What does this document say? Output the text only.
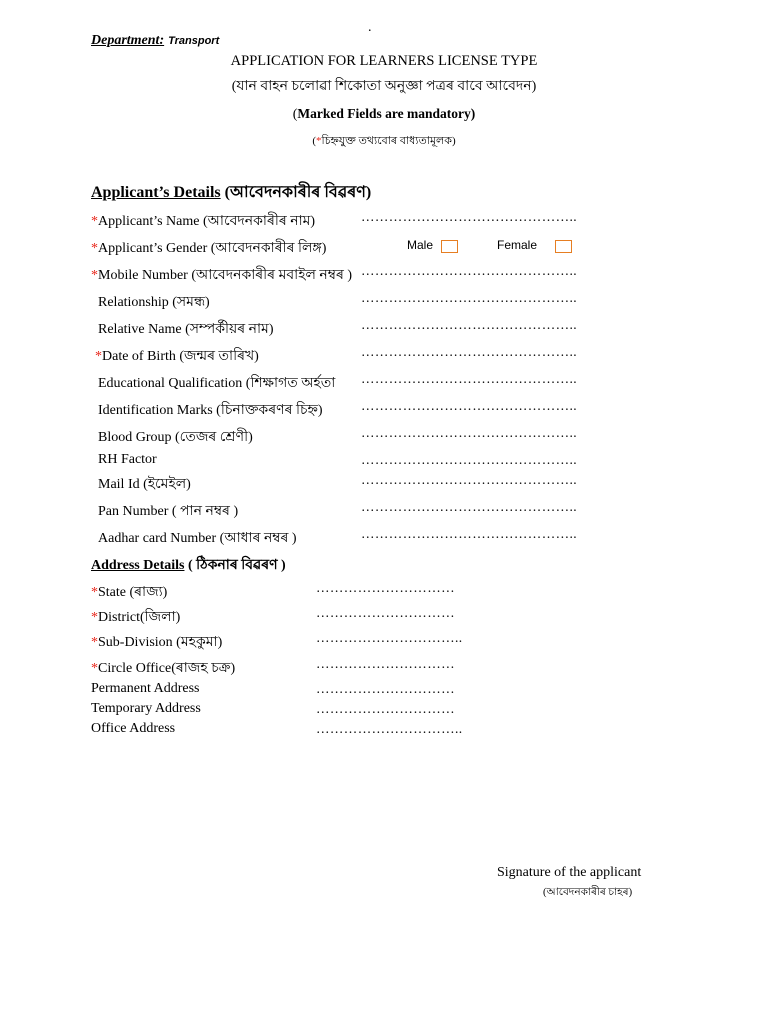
.
Department: Transport
APPLICATION FOR LEARNERS LICENSE TYPE
(যান বাহন চলোৱা শিকোতা অনুজ্ঞা পত্ৰৰ বাবে আবেদন)
(Marked Fields are mandatory)
(*চিহ্নযুক্ত তথ্যবোৰ বাধ্যতামূলক)
Applicant’s Details (আবেদনকাৰীৰ বিৱৰণ)
*Applicant’s Name (আবেদনকাৰীৰ নাম)	………………………………………..
*Applicant’s Gender (আবেদনকাৰীৰ লিঙ্গ)	Male	Female
*Mobile Number (আবেদনকাৰীৰ মবাইল নম্বৰ ) ………………………………………..
Relationship (সমন্ধ)	………………………………………..
Relative Name (সম্পৰ্কীয়ৰ নাম)	………………………………………..
*Date of Birth (জন্মৰ তাৰিখ)	………………………………………..
Educational Qualification (শিক্ষাগত অৰ্হতা ………………………………………..
Identification Marks (চিনাক্তকৰণৰ চিহ্ন)	………………………………………..
Blood Group (তেজৰ শ্ৰেণী)	………………………………………..
RH Factor	………………………………………..
Mail Id (ইমেইল)	………………………………………..
Pan Number ( পান নম্বৰ )	………………………………………..
Aadhar card Number (আধাৰ নম্বৰ )	………………………………………..
Address Details ( ঠিকনাৰ বিৱৰণ )
*State (ৰাজ্য)	…………………………
*District(জিলা)	…………………………
*Sub-Division (মহকুমা)	…………………………..
*Circle Office(ৰাজহ চক্ৰ)	…………………………
Permanent Address	…………………………
Temporary Address	…………………………
Office Address	…………………………..
Signature of the applicant
(আবেদনকাৰীৰ চাহৰ)
